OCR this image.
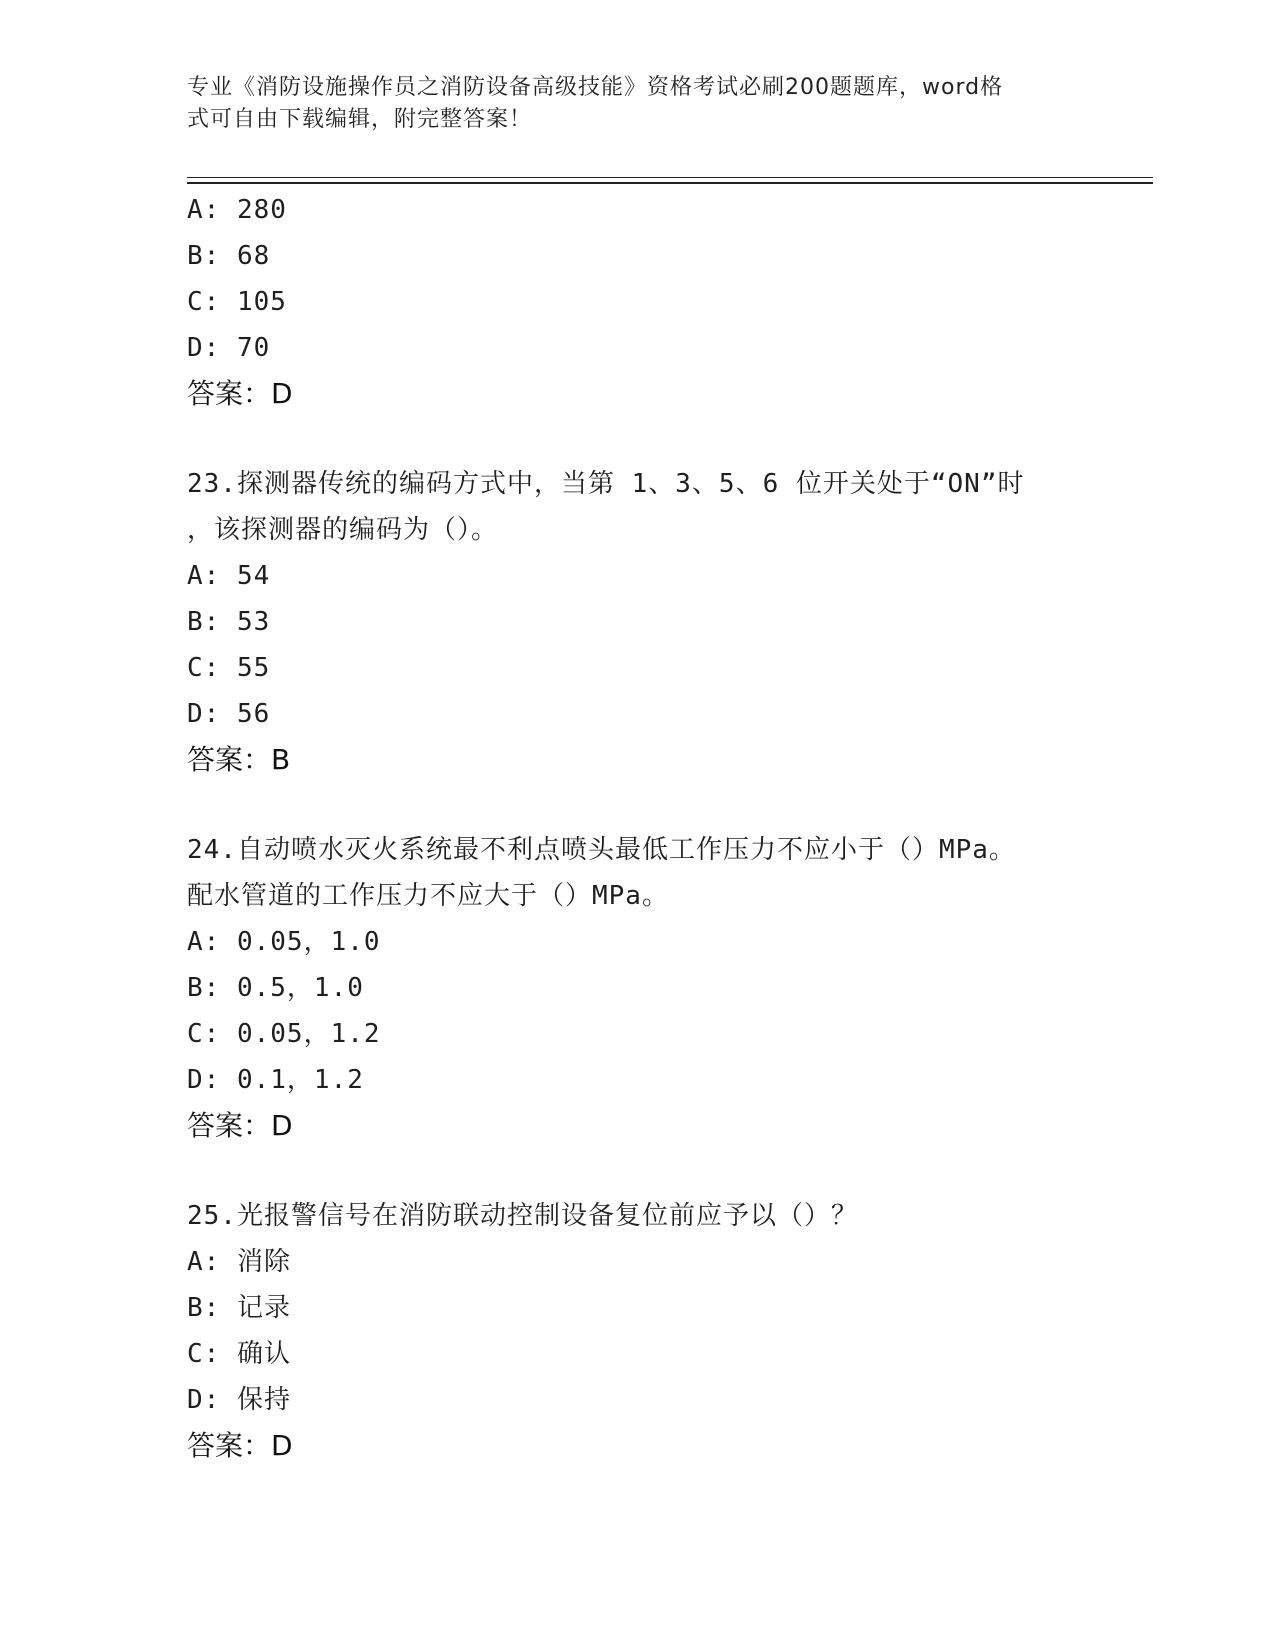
专业《消防设施操作员之消防设备高级技能》资格考试必刷200题题库，word格
式可自由下载编辑，附完整答案！
A: 280
B: 68
C: 105
D: 70
答案：D
23.探测器传统的编码方式中，当第 1、3、5、6 位开关处于“ON”时
，该探测器的编码为（）。
A: 54
B: 53
C: 55
D: 56
答案：B
24.自动喷水灭火系统最不利点喷头最低工作压力不应小于（）MPa。
配水管道的工作压力不应大于（）MPa。
A: 0.05，1.0
B: 0.5，1.0
C: 0.05，1.2
D: 0.1，1.2
答案：D
25.光报警信号在消防联动控制设备复位前应予以（）？
A: 消除
B: 记录
C: 确认
D: 保持
答案：D
